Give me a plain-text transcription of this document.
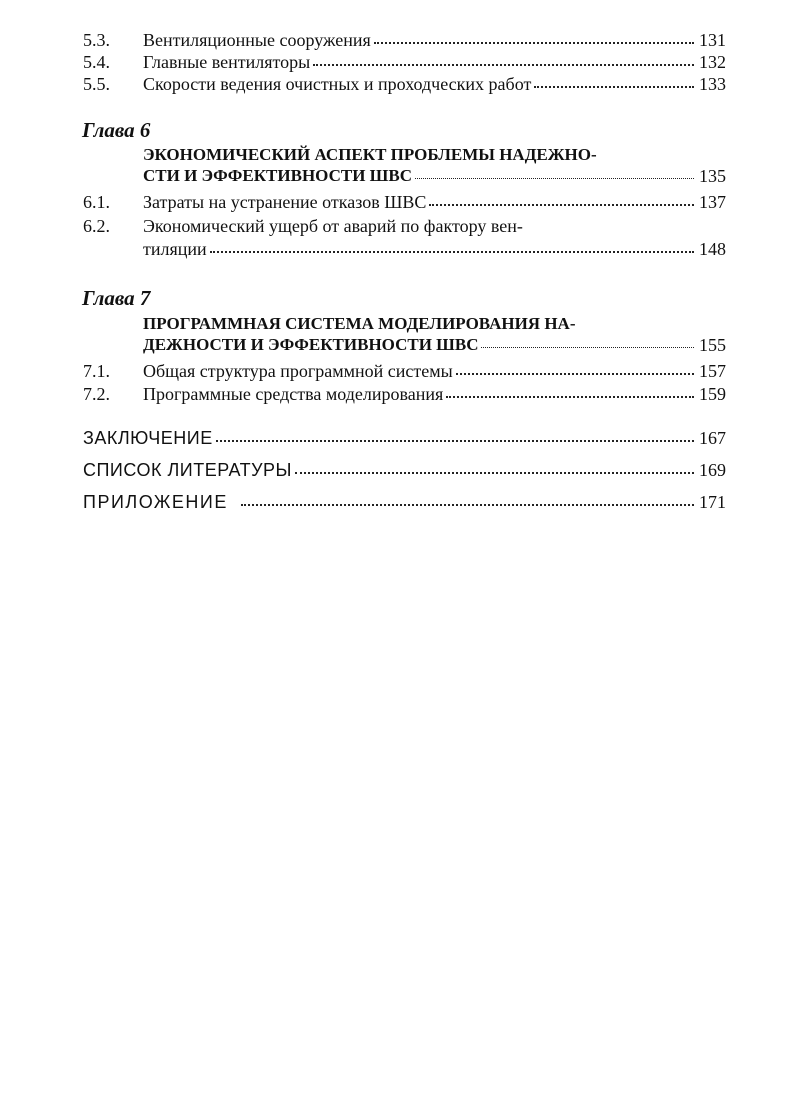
5.3. Вентиляционные сооружения	131
5.4. Главные вентиляторы	132
5.5. Скорости ведения очистных и проходческих работ	133
Глава 6
ЭКОНОМИЧЕСКИЙ АСПЕКТ ПРОБЛЕМЫ НАДЕЖНО-
СТИ И ЭФФЕКТИВНОСТИ ШВС	135
6.1. Затраты на устранение отказов ШВС	137
6.2. Экономический ущерб от аварий по фактору вен-
тиляции	148
Глава 7
ПРОГРАММНАЯ СИСТЕМА МОДЕЛИРОВАНИЯ НА-
ДЕЖНОСТИ И ЭФФЕКТИВНОСТИ ШВС	155
7.1. Общая структура программной системы	157
7.2. Программные средства моделирования	159
ЗАКЛЮЧЕНИЕ	167
СПИСОК ЛИТЕРАТУРЫ	169
ПРИЛОЖЕНИЕ	171
